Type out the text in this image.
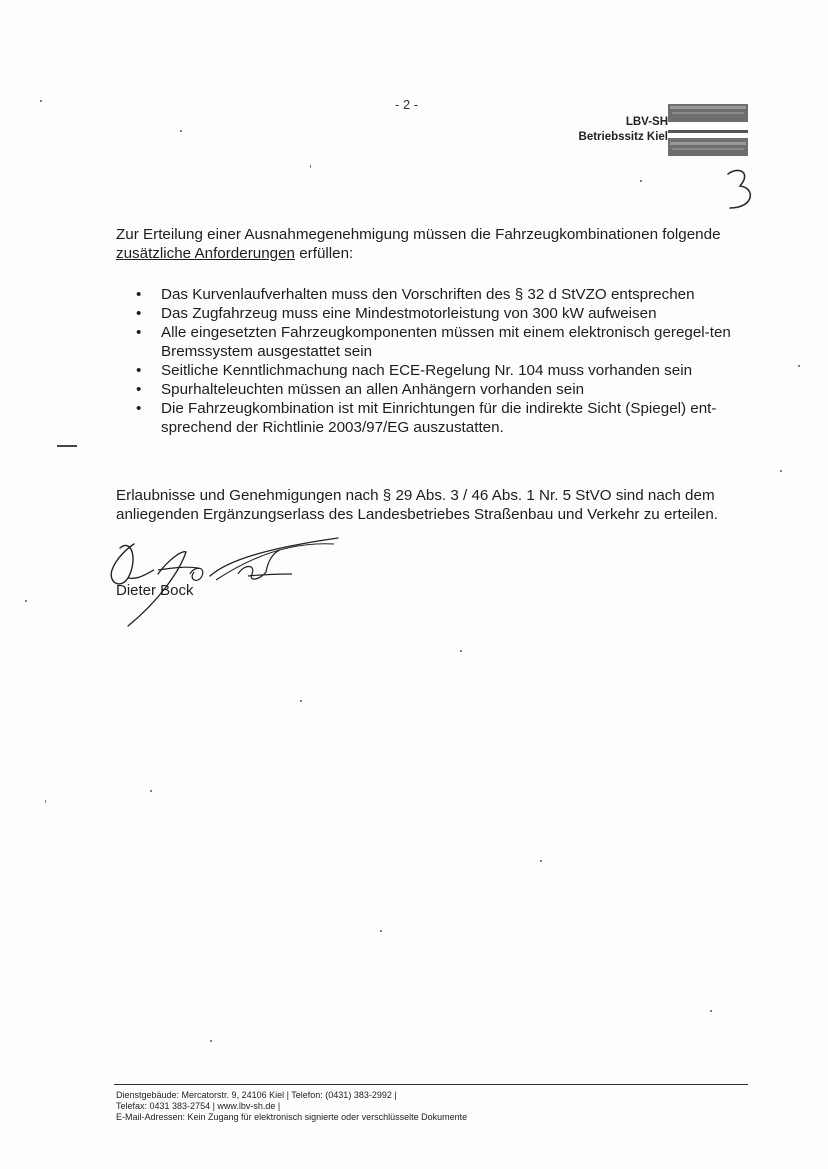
- 2 -
LBV-SH
Betriebssitz Kiel
Zur Erteilung einer Ausnahmegenehmigung müssen die Fahrzeugkombinationen folgende
zusätzliche Anforderungen erfüllen:
• Das Kurvenlaufverhalten muss den Vorschriften des § 32 d StVZO entsprechen
• Das Zugfahrzeug muss eine Mindestmotorleistung von 300 kW aufweisen
• Alle eingesetzten Fahrzeugkomponenten müssen mit einem elektronisch geregel-ten Bremssystem ausgestattet sein
• Seitliche Kenntlichmachung nach ECE-Regelung Nr. 104 muss vorhanden sein
• Spurhalteleuchten müssen an allen Anhängern vorhanden sein
• Die Fahrzeugkombination ist mit Einrichtungen für die indirekte Sicht (Spiegel) ent-sprechend der Richtlinie 2003/97/EG auszustatten.
Erlaubnisse und Genehmigungen nach § 29 Abs. 3 / 46 Abs. 1 Nr. 5 StVO sind nach dem anliegenden Ergänzungserlass des Landesbetriebes Straßenbau und Verkehr zu erteilen.
Dieter Bock
Dienstgebäude: Mercatorstr. 9, 24106 Kiel | Telefon: (0431) 383-2992 |
Telefax: 0431 383-2754 | www.lbv-sh.de |
E-Mail-Adressen: Kein Zugang für elektronisch signierte oder verschlüsselte Dokumente
